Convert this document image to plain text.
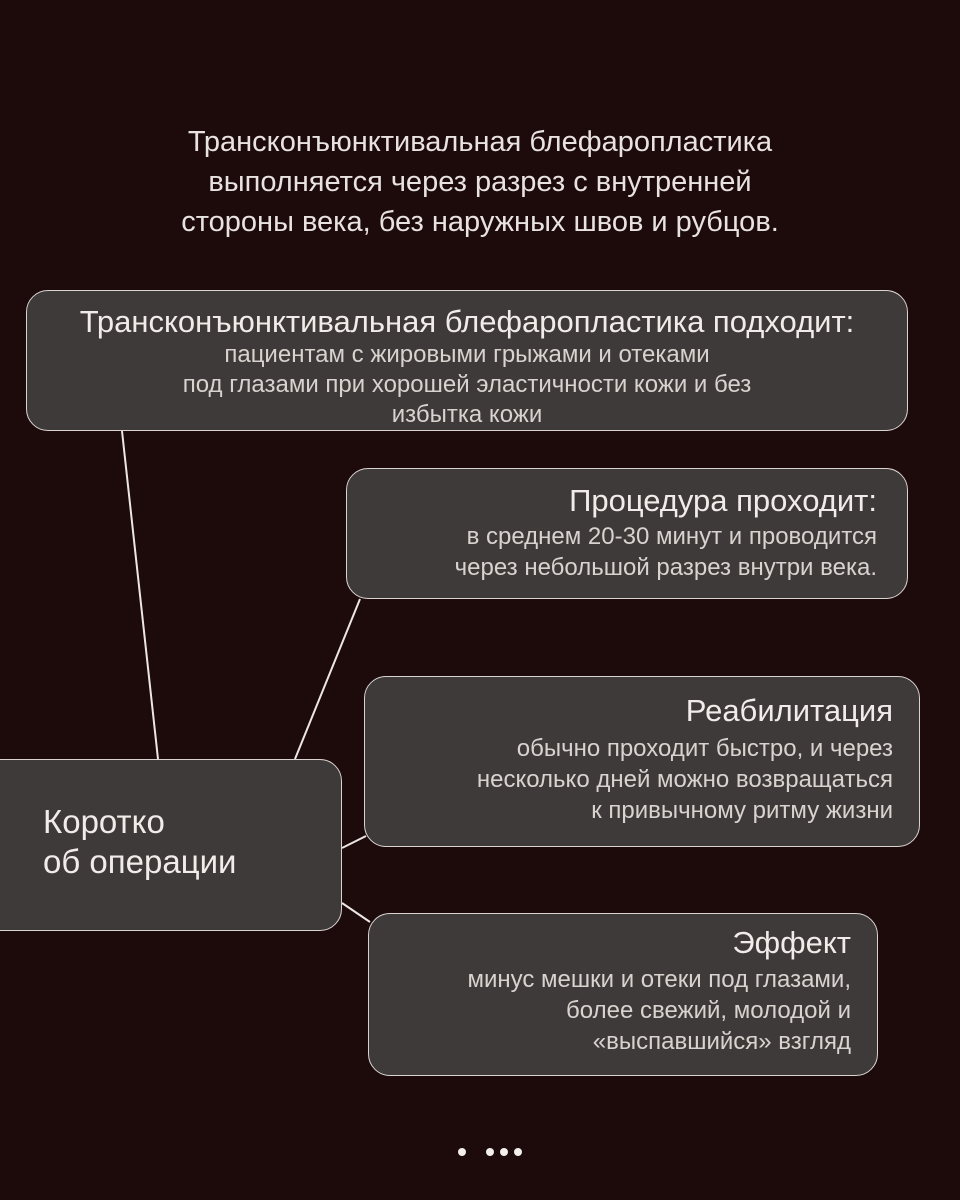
Трансконъюнктивальная блефаропластика
выполняется через разрез с внутренней
стороны века, без наружных швов и рубцов.
Трансконъюнктивальная блефаропластика подходит:
пациентам с жировыми грыжами и отеками
под глазами при хорошей эластичности кожи и без
избытка кожи
Процедура проходит:
в среднем 20-30 минут и проводится
через небольшой разрез внутри века.
Реабилитация
обычно проходит быстро, и через
несколько дней можно возвращаться
к привычному ритму жизни
Эффект
минус мешки и отеки под глазами,
более свежий, молодой и
«выспавшийся» взгляд
Коротко
об операции
